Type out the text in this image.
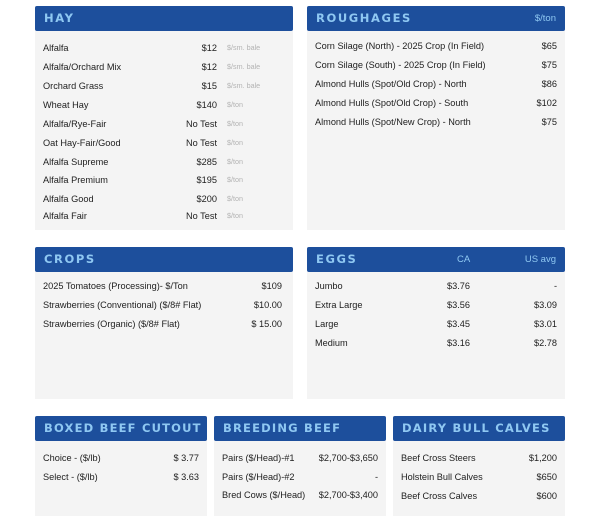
HAY
Alfalfa	$12 $/sm. bale
Alfalfa/Orchard Mix	$12 $/sm. bale
Orchard Grass	$15 $/sm. bale
Wheat Hay	$140 $/ton
Alfalfa/Rye-Fair	No Test $/ton
Oat Hay-Fair/Good	No Test $/ton
Alfalfa Supreme	$285 $/ton
Alfalfa Premium	$195 $/ton
Alfalfa Good	$200 $/ton
Alfalfa Fair	No Test $/ton
ROUGHAGES	$/ton
Corn Silage (North) - 2025 Crop (In Field)	$65
Corn Silage (South) - 2025 Crop (In Field)	$75
Almond Hulls (Spot/Old Crop) - North	$86
Almond Hulls (Spot/Old Crop) - South	$102
Almond Hulls (Spot/New Crop) - North	$75
CROPS
2025 Tomatoes (Processing)- $/Ton	$109
Strawberries (Conventional) ($/8# Flat)	$10.00
Strawberries (Organic) ($/8# Flat)	$ 15.00
EGGS	CA	US avg
Jumbo	$3.76	-
Extra Large	$3.56	$3.09
Large	$3.45	$3.01
Medium	$3.16	$2.78
BOXED BEEF CUTOUT
Choice - ($/lb)	$ 3.77
Select - ($/lb)	$ 3.63
BREEDING BEEF
Pairs ($/Head)-#1	$2,700-$3,650
Pairs ($/Head)-#2	-
Bred Cows ($/Head) $2,700-$3,400
DAIRY BULL CALVES
Beef Cross Steers	$1,200
Holstein Bull Calves	$650
Beef Cross Calves	$600
